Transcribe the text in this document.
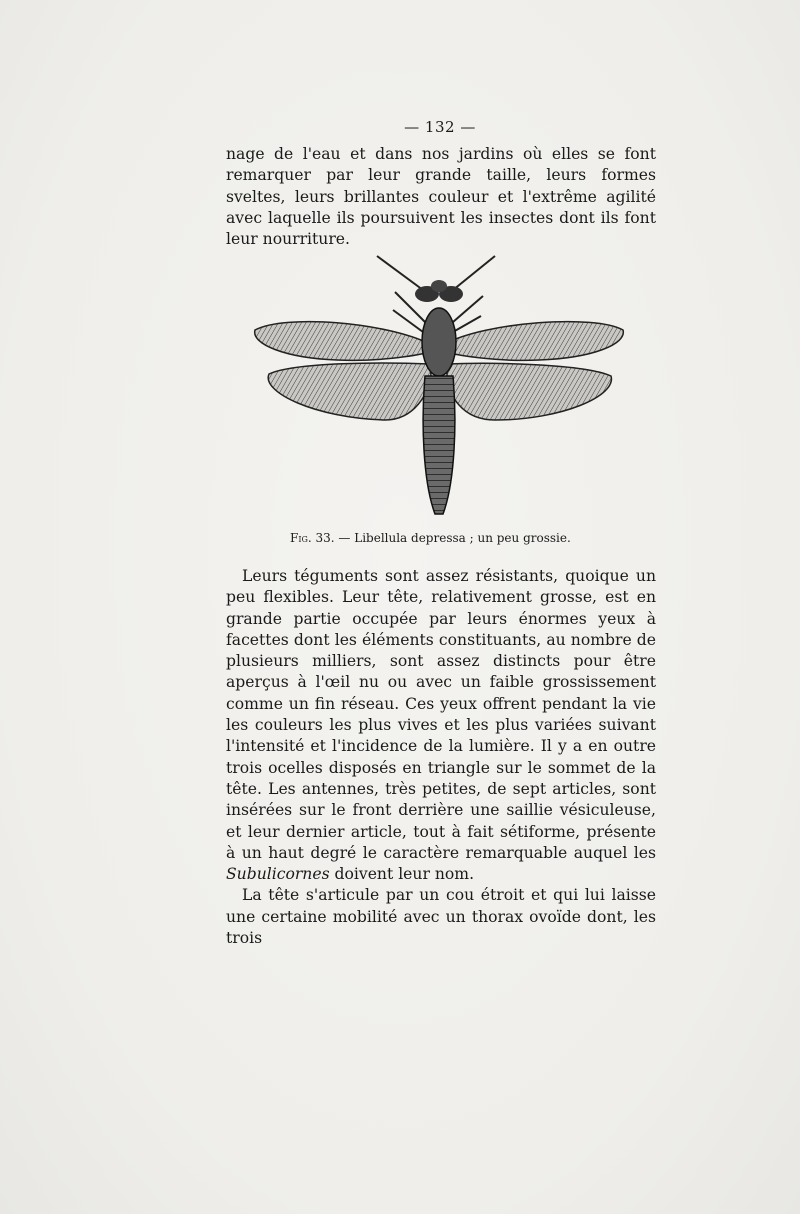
— 132 —

nage de l'eau et dans nos jardins où elles se font remarquer par leur grande taille, leurs formes sveltes, leurs brillantes couleur et l'extrême agilité avec laquelle ils poursuivent les insectes dont ils font leur nourriture.

Fig. 33. — Libellula depressa ; un peu grossie.

Leurs téguments sont assez résistants, quoique un peu flexibles. Leur tête, relativement grosse, est en grande partie occupée par leurs énormes yeux à facettes dont les éléments constituants, au nombre de plusieurs milliers, sont assez distincts pour être aperçus à l'œil nu ou avec un faible grossissement comme un fin réseau. Ces yeux offrent pendant la vie les couleurs les plus vives et les plus variées suivant l'intensité et l'incidence de la lumière. Il y a en outre trois ocelles disposés en triangle sur le sommet de la tête. Les antennes, très petites, de sept articles, sont insérées sur le front derrière une saillie vésiculeuse, et leur dernier article, tout à fait sétiforme, présente à un haut degré le caractère remarquable auquel les Subulicornes doivent leur nom.

La tête s'articule par un cou étroit et qui lui laisse une certaine mobilité avec un thorax ovoïde dont, les trois
